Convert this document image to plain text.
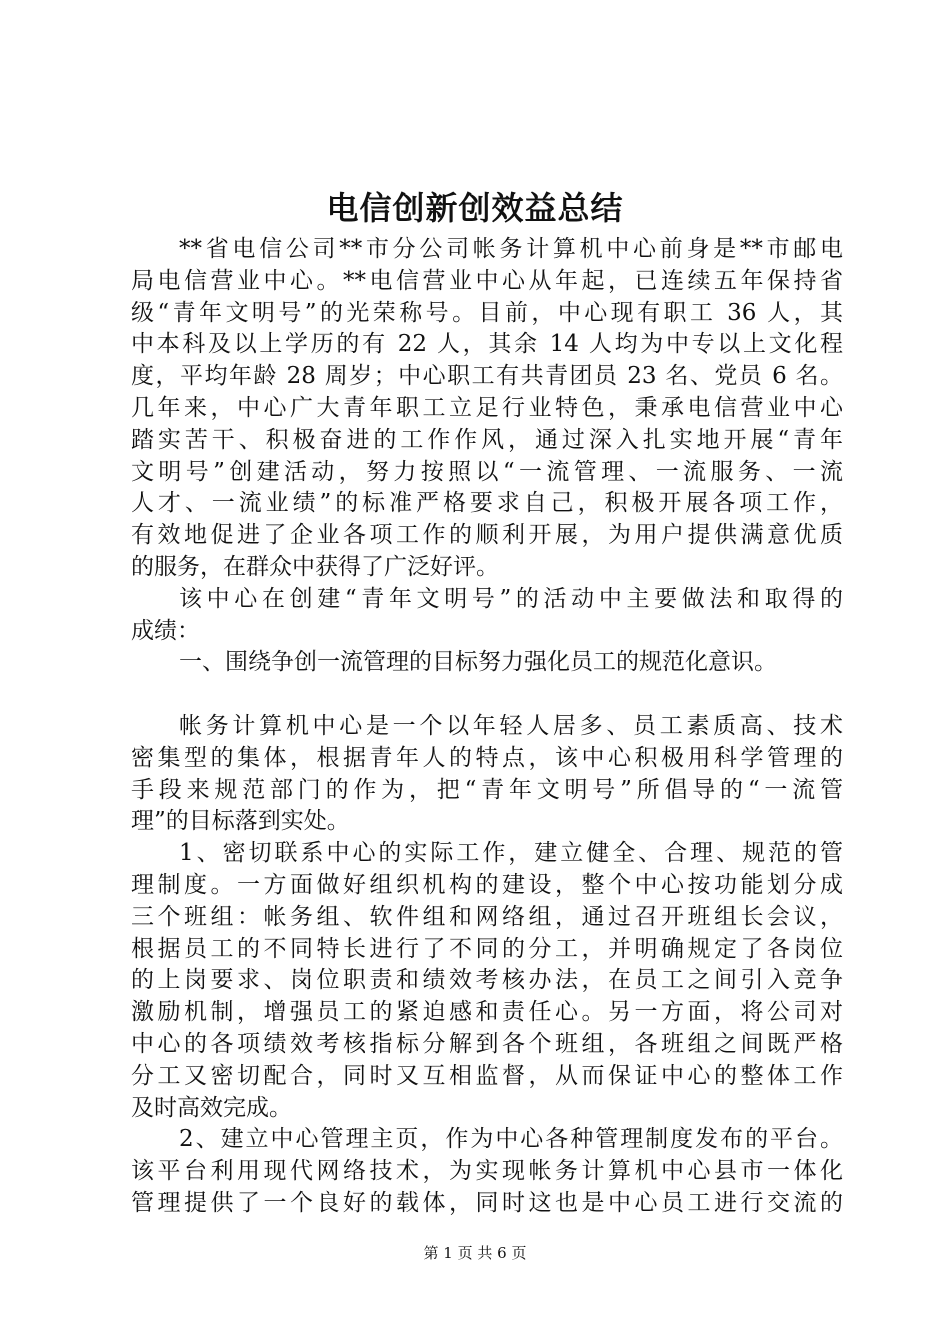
电信创新创效益总结
**省电信公司**市分公司帐务计算机中心前身是**市邮电
局电信营业中心。**电信营业中心从年起，已连续五年保持省
级“青年文明号”的光荣称号。目前，中心现有职工 36 人，其
中本科及以上学历的有 22 人，其余 14 人均为中专以上文化程
度，平均年龄 28 周岁；中心职工有共青团员 23 名、党员 6 名。
几年来，中心广大青年职工立足行业特色，秉承电信营业中心
踏实苦干、积极奋进的工作作风，通过深入扎实地开展“青年
文明号”创建活动，努力按照以“一流管理、一流服务、一流
人才、一流业绩”的标准严格要求自己，积极开展各项工作，
有效地促进了企业各项工作的顺利开展，为用户提供满意优质
的服务，在群众中获得了广泛好评。
该中心在创建“青年文明号”的活动中主要做法和取得的
成绩：
一、围绕争创一流管理的目标努力强化员工的规范化意识。
帐务计算机中心是一个以年轻人居多、员工素质高、技术
密集型的集体，根据青年人的特点，该中心积极用科学管理的
手段来规范部门的作为，把“青年文明号”所倡导的“一流管
理”的目标落到实处。
1、密切联系中心的实际工作，建立健全、合理、规范的管
理制度。一方面做好组织机构的建设，整个中心按功能划分成
三个班组：帐务组、软件组和网络组，通过召开班组长会议，
根据员工的不同特长进行了不同的分工，并明确规定了各岗位
的上岗要求、岗位职责和绩效考核办法，在员工之间引入竞争
激励机制，增强员工的紧迫感和责任心。另一方面，将公司对
中心的各项绩效考核指标分解到各个班组，各班组之间既严格
分工又密切配合，同时又互相监督，从而保证中心的整体工作
及时高效完成。
2、建立中心管理主页，作为中心各种管理制度发布的平台。
该平台利用现代网络技术，为实现帐务计算机中心县市一体化
管理提供了一个良好的载体，同时这也是中心员工进行交流的
第 1 页 共 6 页
